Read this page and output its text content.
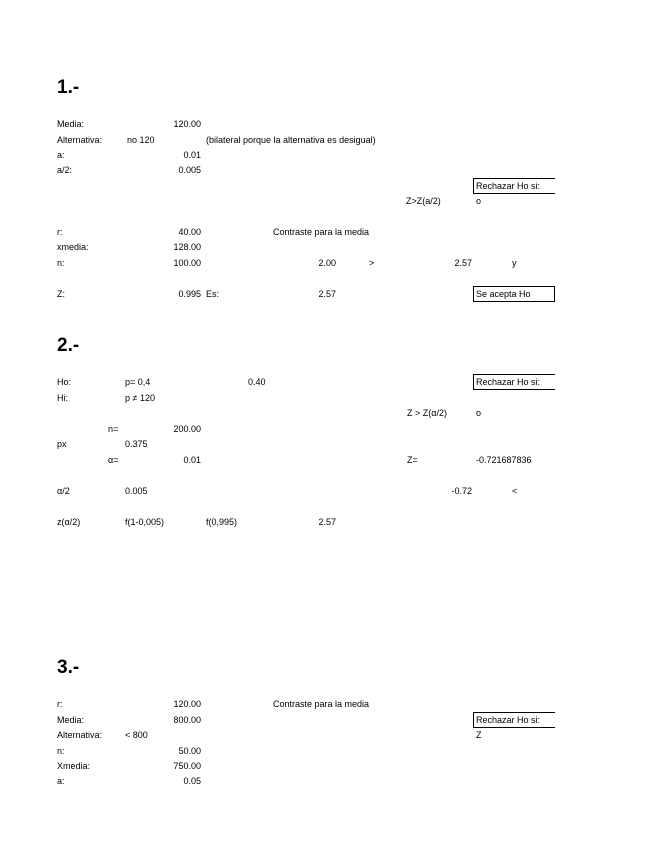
1.-
Media:	120.00
Alternativa:	no 120	(bilateral porque la alternativa es desigual)
a:	0.01
a/2:	0.005
Rechazar Ho si:
Z>Z(a/2)	o
r:	40.00	Contraste para la media
xmedia:	128.00
n:	100.00	2.00	>	2.57	y
Z:	0.995 Es:	2.57	Se acepta Ho
2.-
Ho:	p= 0,4	0.40	Rechazar Ho si:
Hi:	p ≠ 120
Z > Z(α/2)	o
n=	200.00
px	0.375
α=	0.01	Z=	-0.721687836
α/2	0.005	-0.72	<
z(α/2)	f(1-0,005)	f(0,995)	2.57
3.-
r:	120.00	Contraste para la media
Media:	800.00	Rechazar Ho si:
Alternativa:	< 800	Z
n:	50.00
Xmedia:	750.00
a:	0.05
